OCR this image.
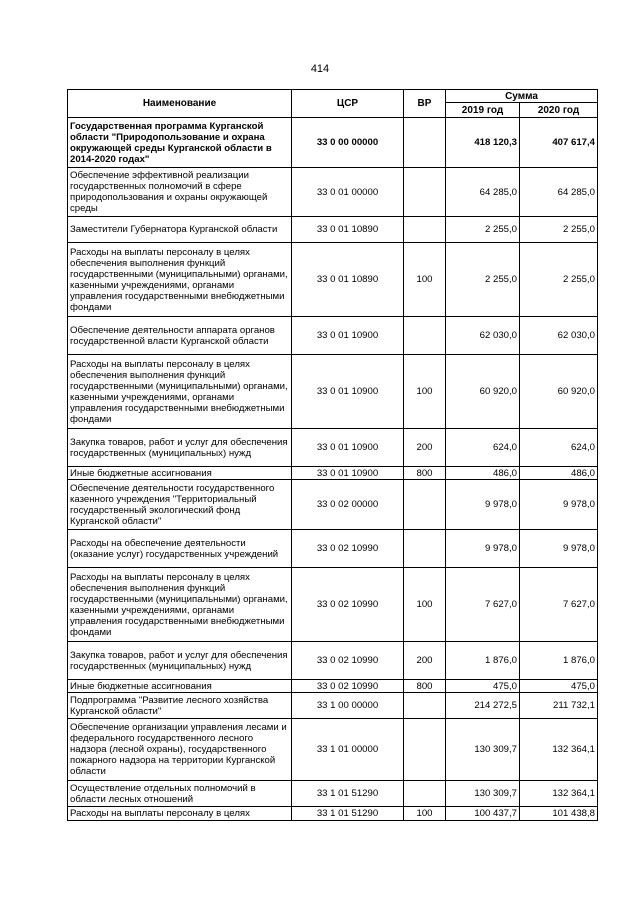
414
Наименование	ЦСР	ВР	Сумма	
			2019 год	2020 год
Государственная программа Курганской области "Природопользование и охрана окружающей среды Курганской области в 2014-2020 годах"	33 0 00 00000		418 120,3	407 617,4
Обеспечение эффективной реализации государственных полномочий в сфере природопользования и охраны окружающей среды	33 0 01 00000		64 285,0	64 285,0
Заместители Губернатора Курганской области	33 0 01 10890		2 255,0	2 255,0
Расходы на выплаты персоналу в целях обеспечения выполнения функций государственными (муниципальными) органами, казенными учреждениями, органами управления государственными внебюджетными фондами	33 0 01 10890	100	2 255,0	2 255,0
Обеспечение деятельности аппарата органов государственной власти Курганской области	33 0 01 10900		62 030,0	62 030,0
Расходы на выплаты персоналу в целях обеспечения выполнения функций государственными (муниципальными) органами, казенными учреждениями, органами управления государственными внебюджетными фондами	33 0 01 10900	100	60 920,0	60 920,0
Закупка товаров, работ и услуг для обеспечения государственных (муниципальных) нужд	33 0 01 10900	200	624,0	624,0
Иные бюджетные ассигнования	33 0 01 10900	800	486,0	486,0
Обеспечение деятельности государственного казенного учреждения "Территориальный государственный экологический фонд Курганской области"	33 0 02 00000		9 978,0	9 978,0
Расходы на обеспечение деятельности (оказание услуг) государственных учреждений	33 0 02 10990		9 978,0	9 978,0
Расходы на выплаты персоналу в целях обеспечения выполнения функций государственными (муниципальными) органами, казенными учреждениями, органами управления государственными внебюджетными фондами	33 0 02 10990	100	7 627,0	7 627,0
Закупка товаров, работ и услуг для обеспечения государственных (муниципальных) нужд	33 0 02 10990	200	1 876,0	1 876,0
Иные бюджетные ассигнования	33 0 02 10990	800	475,0	475,0
Подпрограмма "Развитие лесного хозяйства Курганской области"	33 1 00 00000		214 272,5	211 732,1
Обеспечение организации управления лесами и федерального государственного лесного надзора (лесной охраны), государственного пожарного надзора на территории Курганской области	33 1 01 00000		130 309,7	132 364,1
Осуществление отдельных полномочий в области лесных отношений	33 1 01 51290		130 309,7	132 364,1
Расходы на выплаты персоналу в целях	33 1 01 51290	100	100 437,7	101 438,8
